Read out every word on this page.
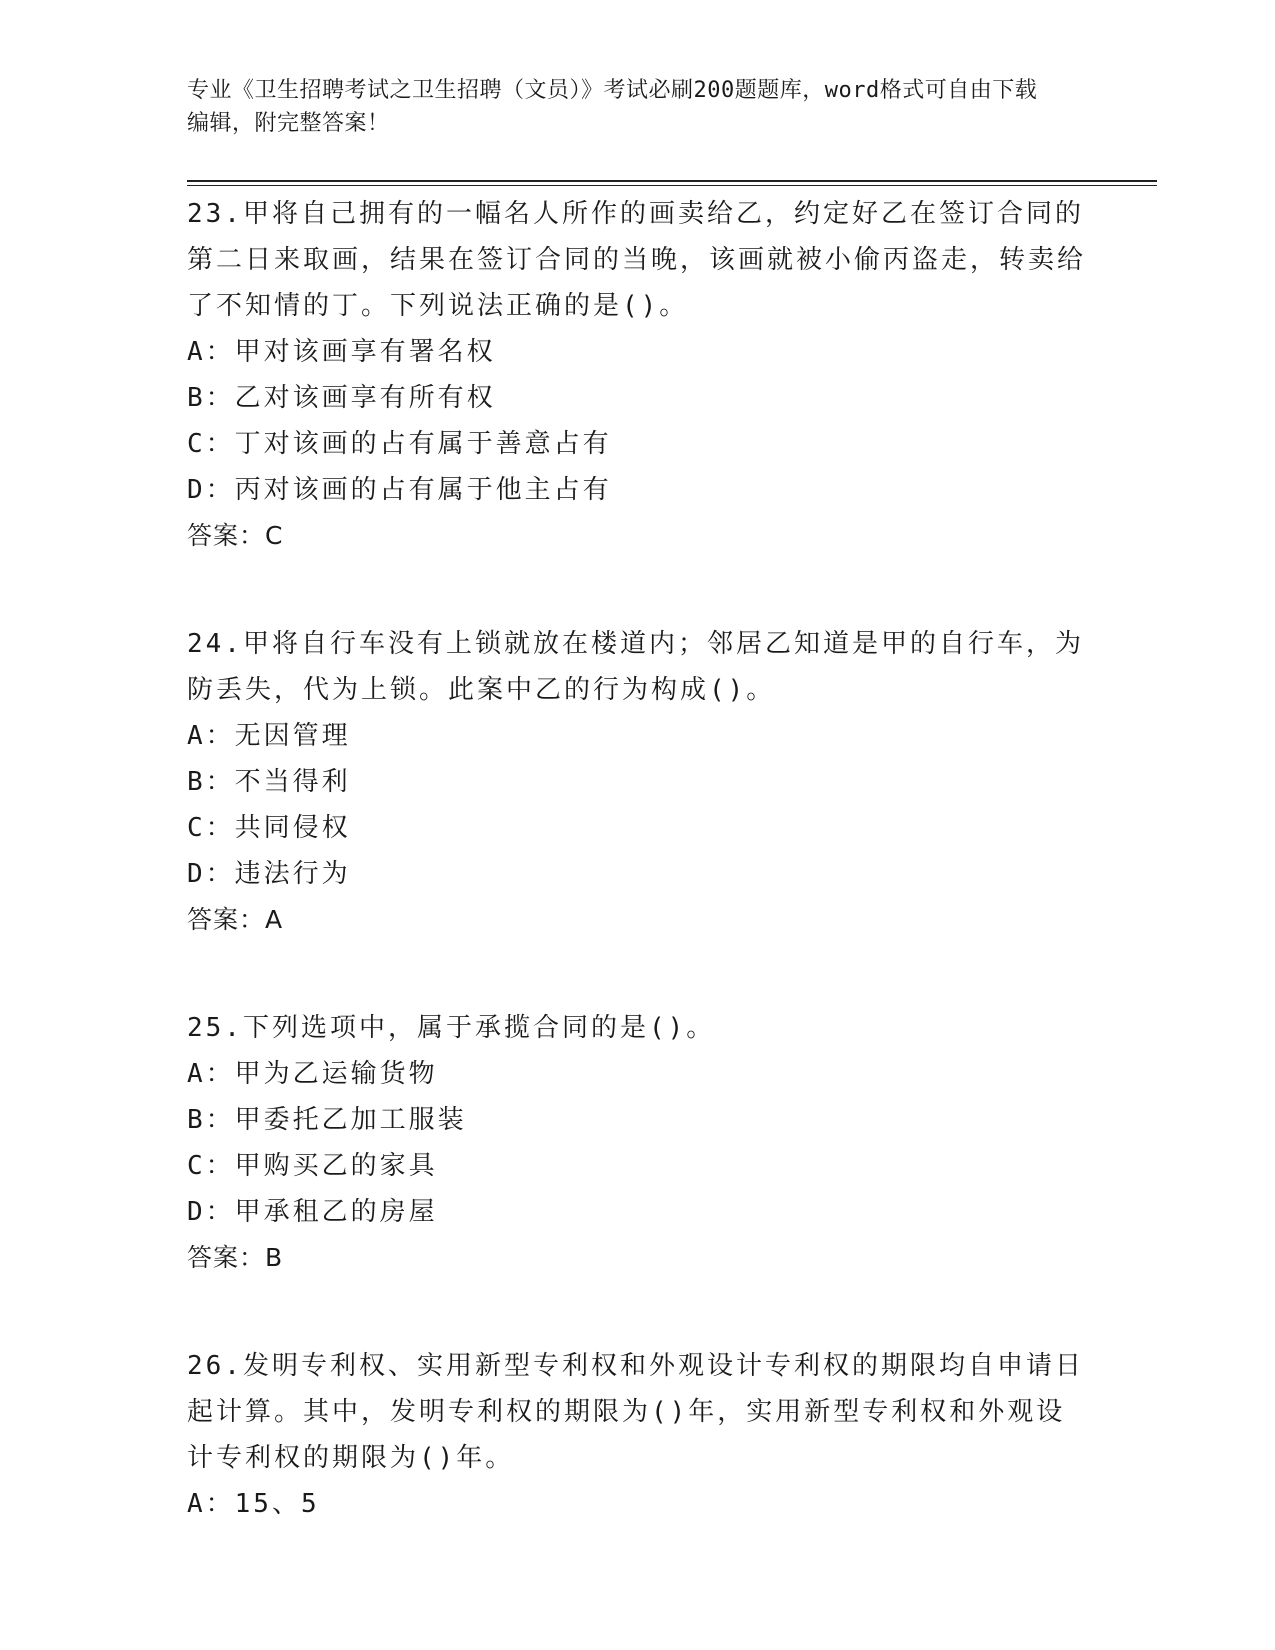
专业《卫生招聘考试之卫生招聘（文员）》考试必刷200题题库，word格式可自由下载编辑，附完整答案！

23.甲将自己拥有的一幅名人所作的画卖给乙，约定好乙在签订合同的第二日来取画，结果在签订合同的当晚，该画就被小偷丙盗走，转卖给了不知情的丁。下列说法正确的是()。

A：甲对该画享有署名权

B：乙对该画享有所有权

C：丁对该画的占有属于善意占有

D：丙对该画的占有属于他主占有

答案：C

24.甲将自行车没有上锁就放在楼道内；邻居乙知道是甲的自行车，为防丢失，代为上锁。此案中乙的行为构成()。

A：无因管理

B：不当得利

C：共同侵权

D：违法行为

答案：A

25.下列选项中，属于承揽合同的是()。

A：甲为乙运输货物

B：甲委托乙加工服装

C：甲购买乙的家具

D：甲承租乙的房屋

答案：B

26.发明专利权、实用新型专利权和外观设计专利权的期限均自申请日起计算。其中，发明专利权的期限为()年，实用新型专利权和外观设计专利权的期限为()年。

A：15、5
